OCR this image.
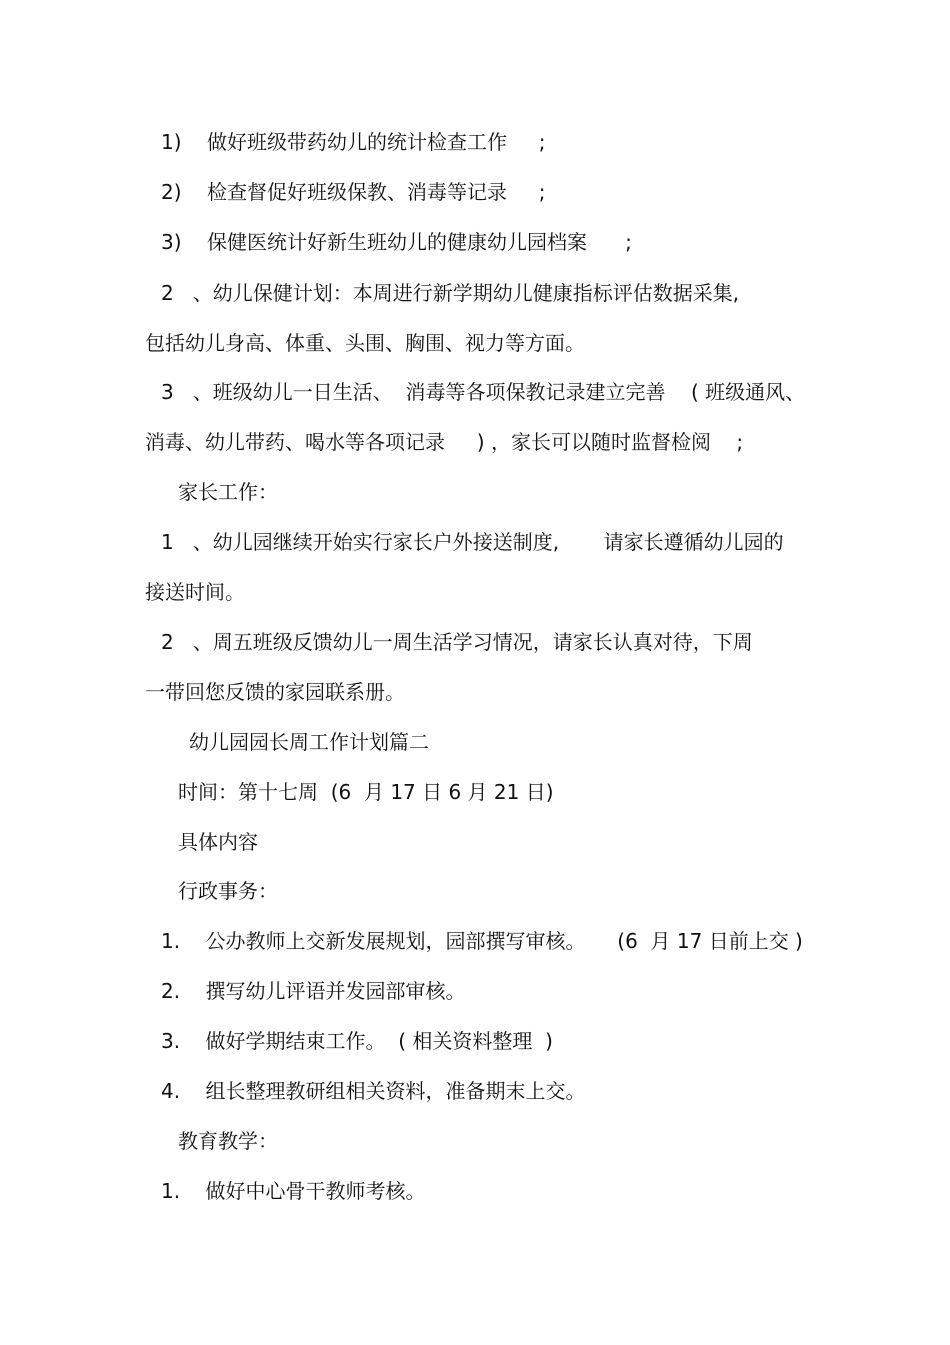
1)    做好班级带药幼儿的统计检查工作     ;
2)    检查督促好班级保教、消毒等记录     ;
3)    保健医统计好新生班幼儿的健康幼儿园档案      ;
2   、幼儿保健计划：本周进行新学期幼儿健康指标评估数据采集,
包括幼儿身高、体重、头围、胸围、视力等方面。
3   、班级幼儿一日生活、  消毒等各项保教记录建立完善    ( 班级通风、
消毒、幼儿带药、喝水等各项记录     ) ，家长可以随时监督检阅    ;
家长工作：
1   、幼儿园继续开始实行家长户外接送制度,       请家长遵循幼儿园的
接送时间。
2   、周五班级反馈幼儿一周生活学习情况，请家长认真对待，下周
一带回您反馈的家园联系册。
幼儿园园长周工作计划篇二
时间：第十七周  (6  月 17 日 6 月 21 日)
具体内容
行政事务：
1.    公办教师上交新发展规划，园部撰写审核。     (6  月 17 日前上交 )
2.    撰写幼儿评语并发园部审核。
3.    做好学期结束工作。  ( 相关资料整理  )
4.    组长整理教研组相关资料，准备期末上交。
教育教学：
1.    做好中心骨干教师考核。
